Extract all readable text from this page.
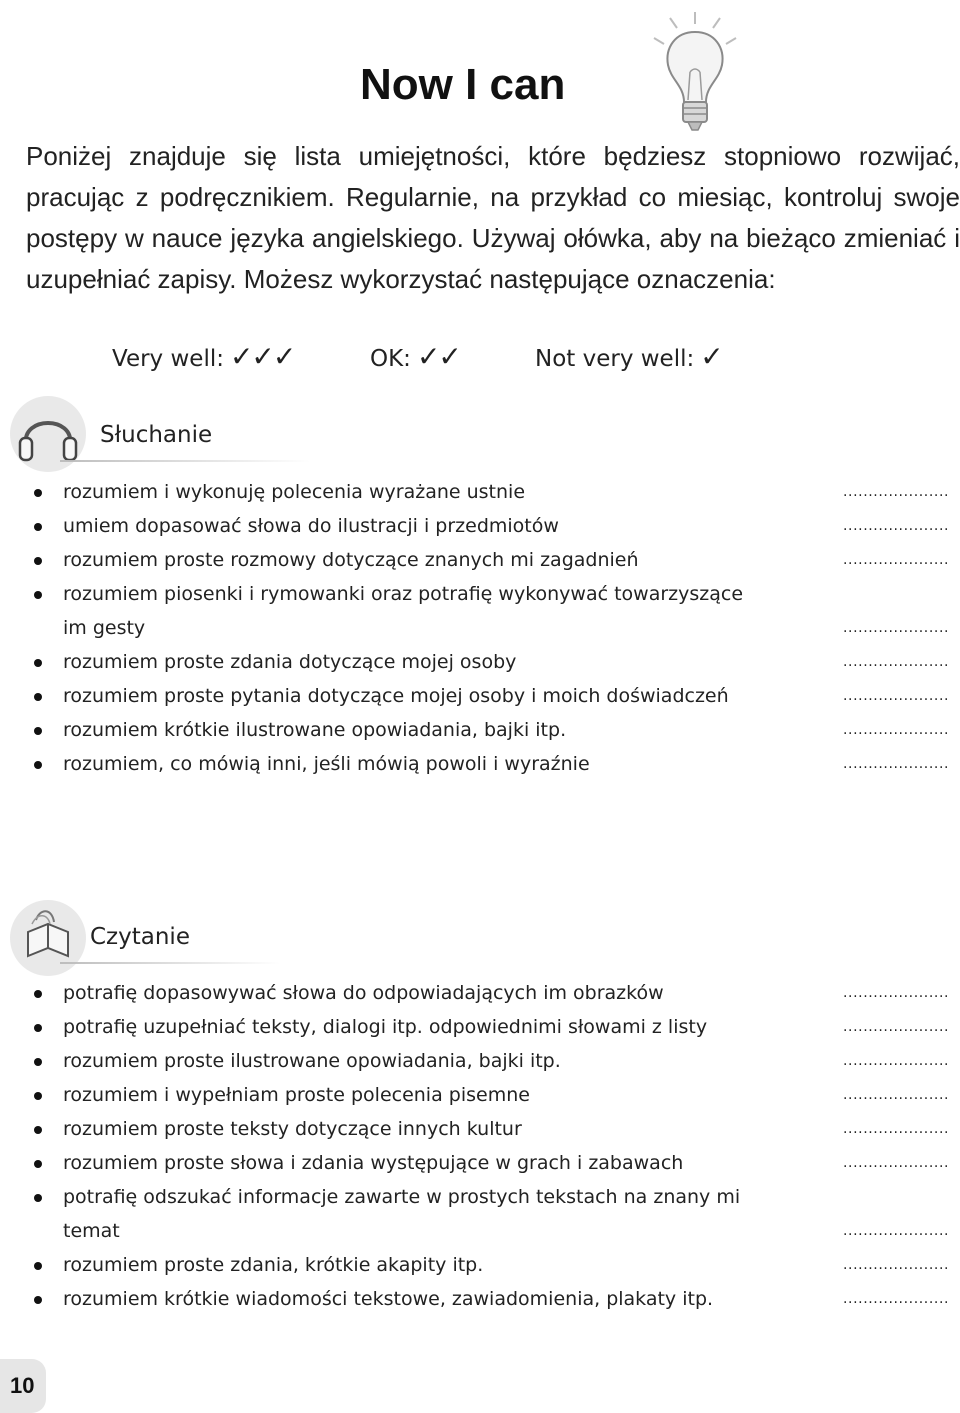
Now I can
Poniżej znajduje się lista umiejętności, które będziesz stopniowo rozwijać, pracując z podręcznikiem. Regularnie, na przykład co miesiąc, kontroluj swoje postępy w nauce języka angielskiego. Używaj ołówka, aby na bieżąco zmieniać i uzupełniać zapisy. Możesz wykorzystać następujące oznaczenia:
Very well: ✓✓✓	OK: ✓✓	Not very well: ✓
Słuchanie
rozumiem i wykonuję polecenia wyrażane ustnie	.....................
umiem dopasować słowa do ilustracji i przedmiotów	.....................
rozumiem proste rozmowy dotyczące znanych mi zagadnień	.....................
rozumiem piosenki i rymowanki oraz potrafię wykonywać towarzyszące im gesty	.....................
rozumiem proste zdania dotyczące mojej osoby	.....................
rozumiem proste pytania dotyczące mojej osoby i moich doświadczeń	.....................
rozumiem krótkie ilustrowane opowiadania, bajki itp.	.....................
rozumiem, co mówią inni, jeśli mówią powoli i wyraźnie	.....................
Czytanie
potrafię dopasowywać słowa do odpowiadających im obrazków	.....................
potrafię uzupełniać teksty, dialogi itp. odpowiednimi słowami z listy	.....................
rozumiem proste ilustrowane opowiadania, bajki itp.	.....................
rozumiem i wypełniam proste polecenia pisemne	.....................
rozumiem proste teksty dotyczące innych kultur	.....................
rozumiem proste słowa i zdania występujące w grach i zabawach	.....................
potrafię odszukać informacje zawarte w prostych tekstach na znany mi temat	.....................
rozumiem proste zdania, krótkie akapity itp.	.....................
rozumiem krótkie wiadomości tekstowe, zawiadomienia, plakaty itp.	.....................
10
